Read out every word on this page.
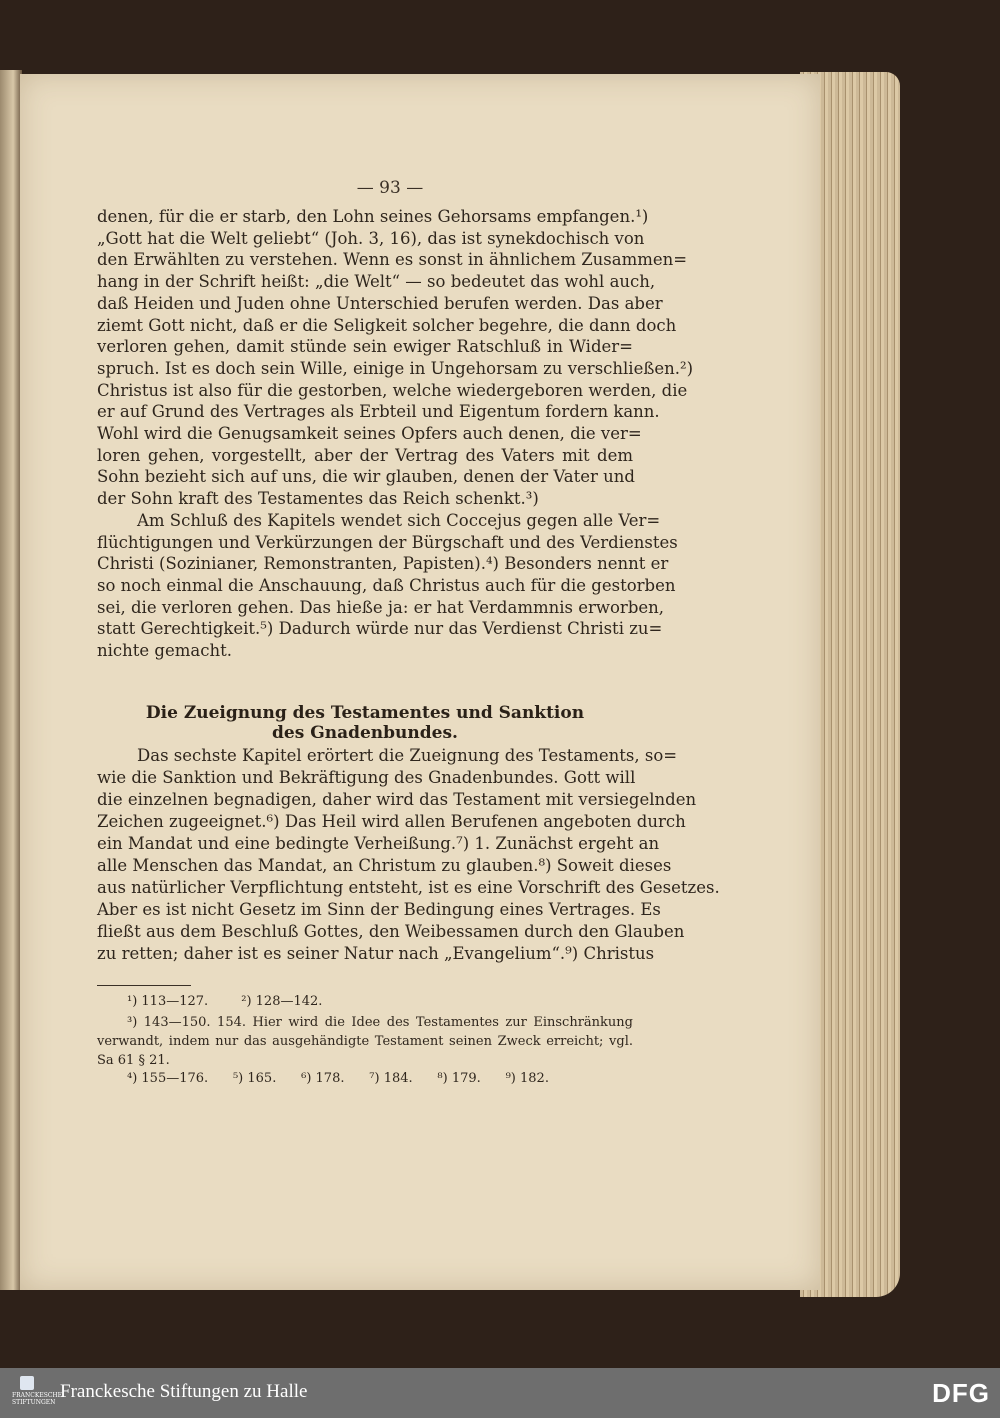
— 93 —
denen, für die er starb, den Lohn seines Gehorsams empfangen.¹)
„Gott hat die Welt geliebt“ (Joh. 3, 16), das ist synekdochisch von
den Erwählten zu verstehen. Wenn es sonst in ähnlichem Zusammen=
hang in der Schrift heißt: „die Welt“ — so bedeutet das wohl auch,
daß Heiden und Juden ohne Unterschied berufen werden. Das aber
ziemt Gott nicht, daß er die Seligkeit solcher begehre, die dann doch
verloren gehen, damit stünde sein ewiger Ratschluß in Wider=
spruch. Ist es doch sein Wille, einige in Ungehorsam zu verschließen.²)
Christus ist also für die gestorben, welche wiedergeboren werden, die
er auf Grund des Vertrages als Erbteil und Eigentum fordern kann.
Wohl wird die Genugsamkeit seines Opfers auch denen, die ver=
loren gehen, vorgestellt, aber der Vertrag des Vaters mit dem
Sohn bezieht sich auf uns, die wir glauben, denen der Vater und
der Sohn kraft des Testamentes das Reich schenkt.³)
Am Schluß des Kapitels wendet sich Coccejus gegen alle Ver=
flüchtigungen und Verkürzungen der Bürgschaft und des Verdienstes
Christi (Sozinianer, Remonstranten, Papisten).⁴) Besonders nennt er
so noch einmal die Anschauung, daß Christus auch für die gestorben
sei, die verloren gehen. Das hieße ja: er hat Verdammnis erworben,
statt Gerechtigkeit.⁵) Dadurch würde nur das Verdienst Christi zu=
nichte gemacht.
Die Zueignung des Testamentes und Sanktion
des Gnadenbundes.
Das sechste Kapitel erörtert die Zueignung des Testaments, so=
wie die Sanktion und Bekräftigung des Gnadenbundes. Gott will
die einzelnen begnadigen, daher wird das Testament mit versiegelnden
Zeichen zugeeignet.⁶) Das Heil wird allen Berufenen angeboten durch
ein Mandat und eine bedingte Verheißung.⁷) 1. Zunächst ergeht an
alle Menschen das Mandat, an Christum zu glauben.⁸) Soweit dieses
aus natürlicher Verpflichtung entsteht, ist es eine Vorschrift des Gesetzes.
Aber es ist nicht Gesetz im Sinn der Bedingung eines Vertrages. Es
fließt aus dem Beschluß Gottes, den Weibessamen durch den Glauben
zu retten; daher ist es seiner Natur nach „Evangelium“.⁹) Christus
¹) 113—127.        ²) 128—142.
³) 143—150. 154. Hier wird die Idee des Testamentes zur Einschränkung
verwandt, indem nur das ausgehändigte Testament seinen Zweck erreicht; vgl.
Sa 61 § 21.
⁴) 155—176.      ⁵) 165.      ⁶) 178.      ⁷) 184.      ⁸) 179.      ⁹) 182.
FRANCKESCHE
STIFTUNGEN
Franckesche Stiftungen zu Halle	DFG
